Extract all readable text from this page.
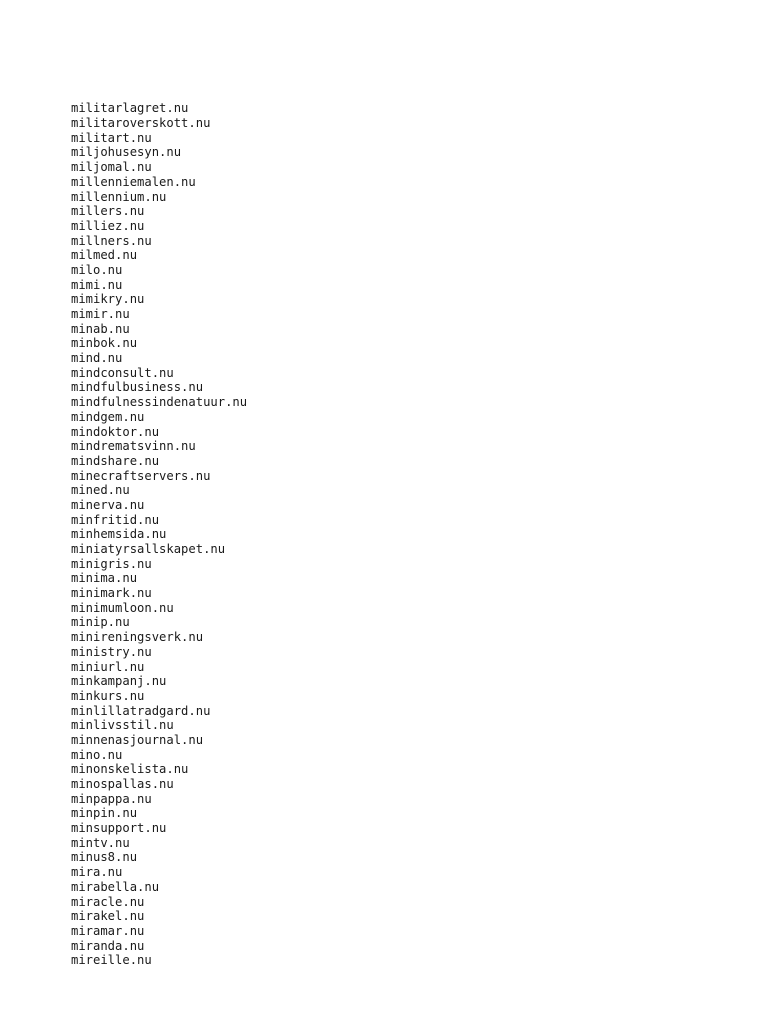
militarlagret.nu
militaroverskott.nu
militart.nu
miljohusesyn.nu
miljomal.nu
millenniemalen.nu
millennium.nu
millers.nu
milliez.nu
millners.nu
milmed.nu
milo.nu
mimi.nu
mimikry.nu
mimir.nu
minab.nu
minbok.nu
mind.nu
mindconsult.nu
mindfulbusiness.nu
mindfulnessindenatuur.nu
mindgem.nu
mindoktor.nu
mindrematsvinn.nu
mindshare.nu
minecraftservers.nu
mined.nu
minerva.nu
minfritid.nu
minhemsida.nu
miniatyrsallskapet.nu
minigris.nu
minima.nu
minimark.nu
minimumloon.nu
minip.nu
minireningsverk.nu
ministry.nu
miniurl.nu
minkampanj.nu
minkurs.nu
minlillatradgard.nu
minlivsstil.nu
minnenasjournal.nu
mino.nu
minonskelista.nu
minospallas.nu
minpappa.nu
minpin.nu
minsupport.nu
mintv.nu
minus8.nu
mira.nu
mirabella.nu
miracle.nu
mirakel.nu
miramar.nu
miranda.nu
mireille.nu
